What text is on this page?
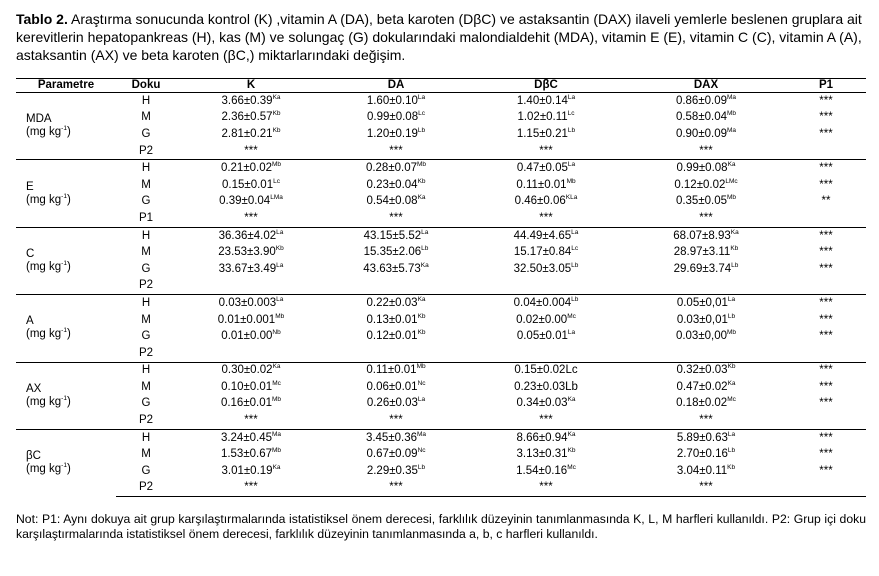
Tablo 2. Araştırma sonucunda kontrol (K) ,vitamin A (DA), beta karoten (DβC) ve astaksantin (DAX) ilaveli yemlerle beslenen gruplara ait kerevitlerin hepatopankreas (H), kas (M) ve solungaç (G) dokularındaki malondialdehit (MDA), vitamin E (E), vitamin C (C), vitamin A (A), astaksantin (AX) ve beta karoten (βC,) miktarlarındaki değişim.
Parametre	Doku	K	DA	DβC	DAX	P1

MDA
(mg $kg^{-1}$)	H	$3.66\pm 0.39^{Ka}$	$1.60\pm 0.10^{La}$	$1.40\pm 0.14^{La}$	$0.86\pm 0.09^{Ma}$	***
	M	$2.36\pm 0.57^{Kb}$	$0.99\pm 0.08^{Lc}$	$1.02\pm 0.11^{Lc}$	$0.58\pm 0.04^{Mb}$	***
	G	$2.81\pm 0.21^{Kb}$	$1.20\pm 0.19^{Lb}$	$1.15\pm 0.21^{Lb}$	$0.90\pm 0.09^{Ma}$	***
	P2	***	***	***	***	

E
(mg $kg^{-1}$)	H	$0.21\pm 0.02^{Mb}$	$0.28\pm 0.07^{Mb}$	$0.47\pm 0.05^{La}$	$0.99\pm 0.08^{Ka}$	***
	M	$0.15\pm 0.01^{Lc}$	$0.23\pm 0.04^{Kb}$	$0.11\pm 0.01^{Mb}$	$0.12\pm 0.02^{LMc}$	***
	G	$0.39\pm 0.04^{LMa}$	$0.54\pm 0.08^{Ka}$	$0.46\pm 0.06^{KLa}$	$0.35\pm 0.05^{Mb}$	**
	P1	***	***	***	***	

C
(mg $kg^{-1}$)	H	$36.36\pm 4.02^{La}$	$43.15\pm 5.52^{La}$	$44.49\pm 4.65^{La}$	$68.07\pm 8.93^{Ka}$	***
	M	$23.53\pm 3.90^{Kb}$	$15.35\pm 2.06^{Lb}$	$15.17\pm 0.84^{Lc}$	$28.97\pm 3.11^{Kb}$	***
	G	$33.67\pm 3.49^{La}$	$43.63\pm 5.73^{Ka}$	$32.50\pm 3.05^{Lb}$	$29.69\pm 3.74^{Lb}$	***
	P2					

A
(mg $kg^{-1}$)	H	$0.03\pm 0.003^{La}$	$0.22\pm 0.03^{Ka}$	$0.04\pm 0.004^{Lb}$	$0.05\pm 0,01^{La}$	***
	M	$0.01\pm 0.001^{Mb}$	$0.13\pm 0.01^{Kb}$	$0.02\pm 0.00^{Mc}$	$0.03\pm 0,01^{Lb}$	***
	G	$0.01\pm 0.00^{Nb}$	$0.12\pm 0.01^{Kb}$	$0.05\pm 0.01^{La}$	$0.03\pm 0,00^{Mb}$	***
	P2					

AX
(mg $kg^{-1}$)	H	$0.30\pm 0.02^{Ka}$	$0.11\pm 0.01^{Mb}$	0.15±0.02Lc	$0.32\pm 0.03^{Kb}$	***
	M	$0.10\pm 0.01^{Mc}$	$0.06\pm 0.01^{Nc}$	0.23±0.03Lb	$0.47\pm 0.02^{Ka}$	***
	G	$0.16\pm 0.01^{Mb}$	$0.26\pm 0.03^{La}$	$0.34\pm 0.03^{Ka}$	$0.18\pm 0.02^{Mc}$	***
	P2	***	***	***	***	

βC
(mg $kg^{-1}$)	H	$3.24\pm 0.45^{Ma}$	$3.45\pm 0.36^{Ma}$	$8.66\pm 0.94^{Ka}$	$5.89\pm 0.63^{La}$	***
	M	$1.53\pm 0.67^{Mb}$	$0.67\pm 0.09^{Nc}$	$3.13\pm 0.31^{Kb}$	$2.70\pm 0.16^{Lb}$	***
	G	$3.01\pm 0.19^{Ka}$	$2.29\pm 0.35^{Lb}$	$1.54\pm 0.16^{Mc}$	$3.04\pm 0.11^{Kb}$	***
	P2	***	***	***	***	
Not: P1: Aynı dokuya ait grup karşılaştırmalarında istatistiksel önem derecesi, farklılık düzeyinin tanımlanmasında K, L, M harfleri kullanıldı. P2: Grup içi doku karşılaştırmalarında istatistiksel önem derecesi, farklılık düzeyinin tanımlanmasında a, b, c harfleri kullanıldı.
